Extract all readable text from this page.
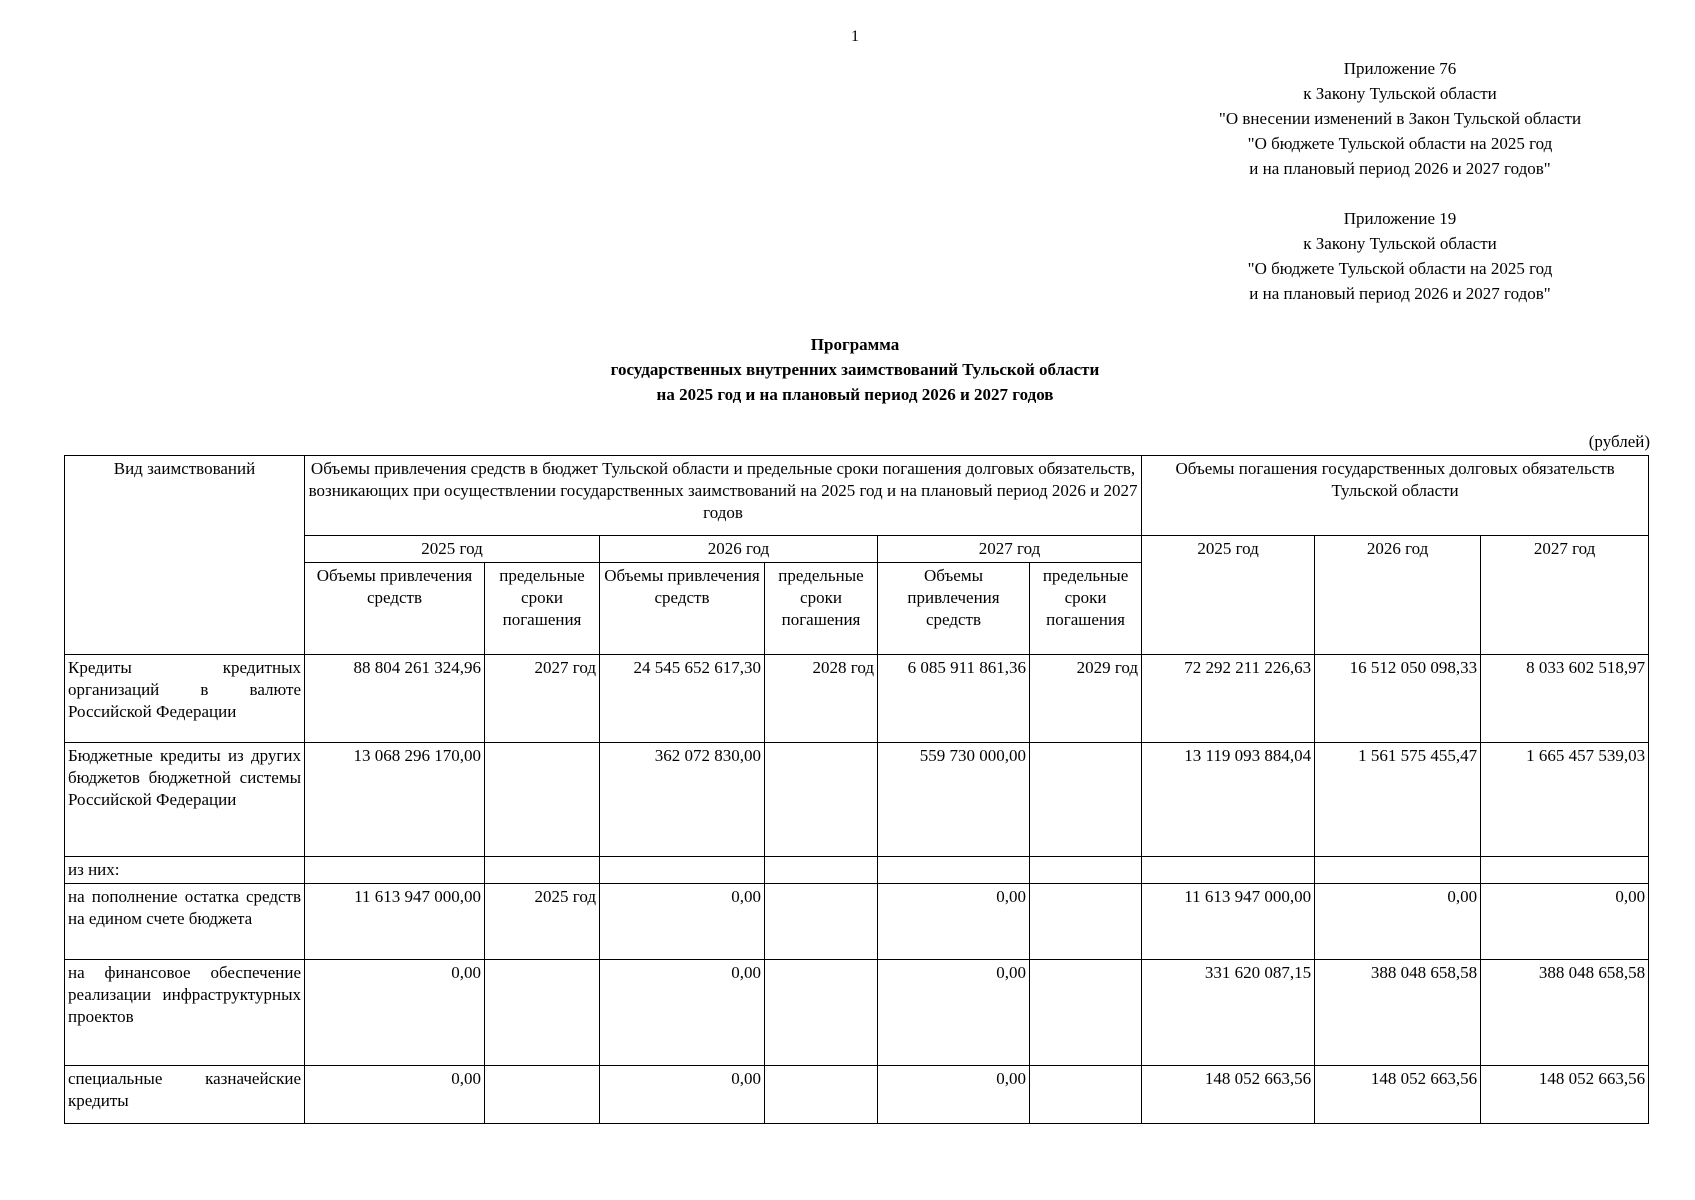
1
Приложение 76
к Закону Тульской области
"О внесении изменений в Закон Тульской области
"О бюджете Тульской области на 2025 год
и на плановый период 2026 и 2027 годов"
Приложение 19
к Закону Тульской области
"О бюджете Тульской области на 2025 год
и на плановый период 2026 и 2027 годов"
Программа
государственных внутренних заимствований Тульской области
на 2025 год и на плановый период 2026 и 2027 годов
(рублей)
Вид заимствований	Объемы привлечения средств в бюджет Тульской области и предельные сроки погашения долговых обязательств, возникающих при осуществлении государственных заимствований на 2025 год и на плановый период 2026 и 2027 годов						Объемы погашения государственных долговых обязательств Тульской области		
	2025 год		2026 год		2027 год		2025 год	2026 год	2027 год
	Объемы привлечения средств	предельные сроки погашения	Объемы привлечения средств	предельные сроки погашения	Объемы привлечения средств	предельные сроки погашения			
Кредиты кредитных организаций в валюте Российской Федерации	88 804 261 324,96	2027 год	24 545 652 617,30	2028 год	6 085 911 861,36	2029 год	72 292 211 226,63	16 512 050 098,33	8 033 602 518,97
Бюджетные кредиты из других бюджетов бюджетной системы Российской Федерации	13 068 296 170,00		362 072 830,00		559 730 000,00		13 119 093 884,04	1 561 575 455,47	1 665 457 539,03
из них:									
на пополнение остатка средств на едином счете бюджета	11 613 947 000,00	2025 год	0,00		0,00		11 613 947 000,00	0,00	0,00
на финансовое обеспечение реализации инфраструктурных проектов	0,00		0,00		0,00		331 620 087,15	388 048 658,58	388 048 658,58
специальные казначейские кредиты	0,00		0,00		0,00		148 052 663,56	148 052 663,56	148 052 663,56
